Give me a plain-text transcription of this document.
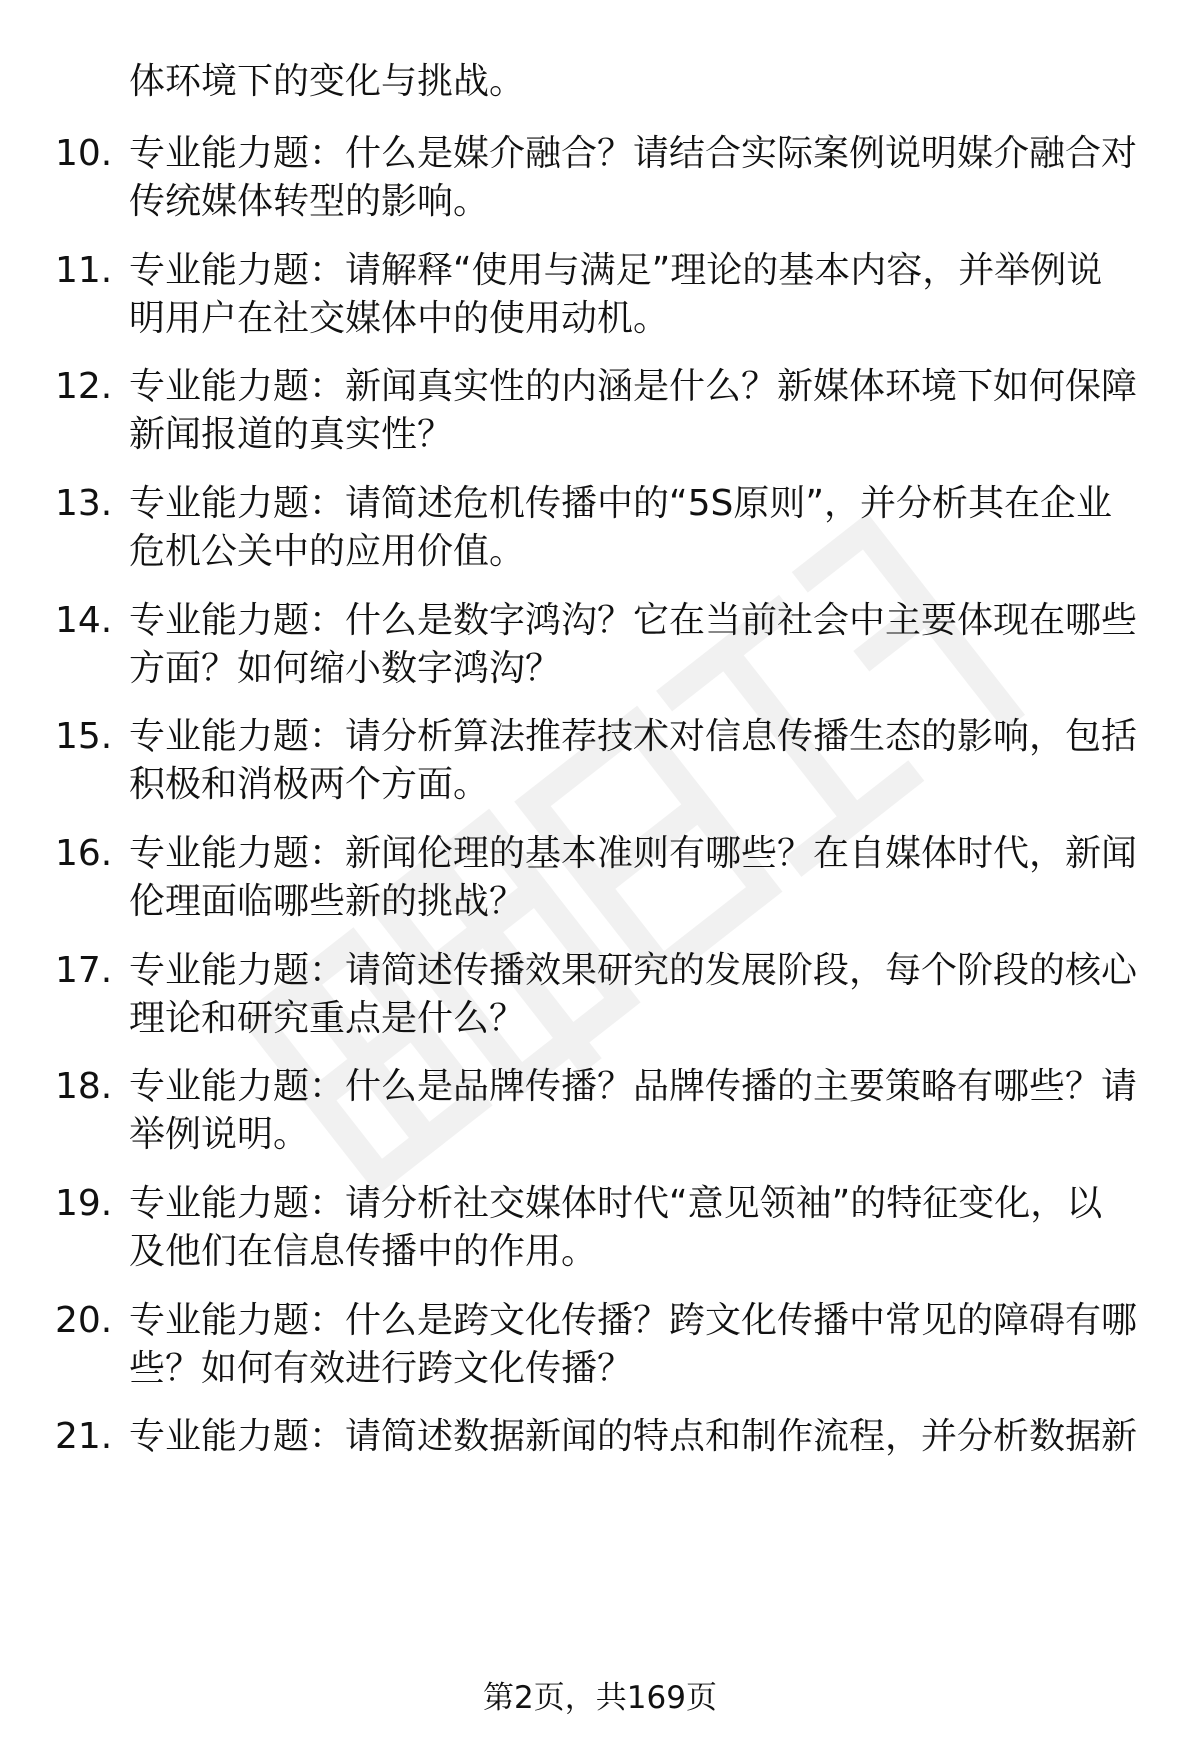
体环境下的变化与挑战。
10. 专业能力题：什么是媒介融合？请结合实际案例说明媒介融合对
传统媒体转型的影响。
11. 专业能力题：请解释“使用与满足”理论的基本内容，并举例说
明用户在社交媒体中的使用动机。
12. 专业能力题：新闻真实性的内涵是什么？新媒体环境下如何保障
新闻报道的真实性？
13. 专业能力题：请简述危机传播中的“5S原则”，并分析其在企业
危机公关中的应用价值。
14. 专业能力题：什么是数字鸿沟？它在当前社会中主要体现在哪些
方面？如何缩小数字鸿沟？
15. 专业能力题：请分析算法推荐技术对信息传播生态的影响，包括
积极和消极两个方面。
16. 专业能力题：新闻伦理的基本准则有哪些？在自媒体时代，新闻
伦理面临哪些新的挑战？
17. 专业能力题：请简述传播效果研究的发展阶段，每个阶段的核心
理论和研究重点是什么？
18. 专业能力题：什么是品牌传播？品牌传播的主要策略有哪些？请
举例说明。
19. 专业能力题：请分析社交媒体时代“意见领袖”的特征变化，以
及他们在信息传播中的作用。
20. 专业能力题：什么是跨文化传播？跨文化传播中常见的障碍有哪
些？如何有效进行跨文化传播？
21. 专业能力题：请简述数据新闻的特点和制作流程，并分析数据新
第2页，共169页
